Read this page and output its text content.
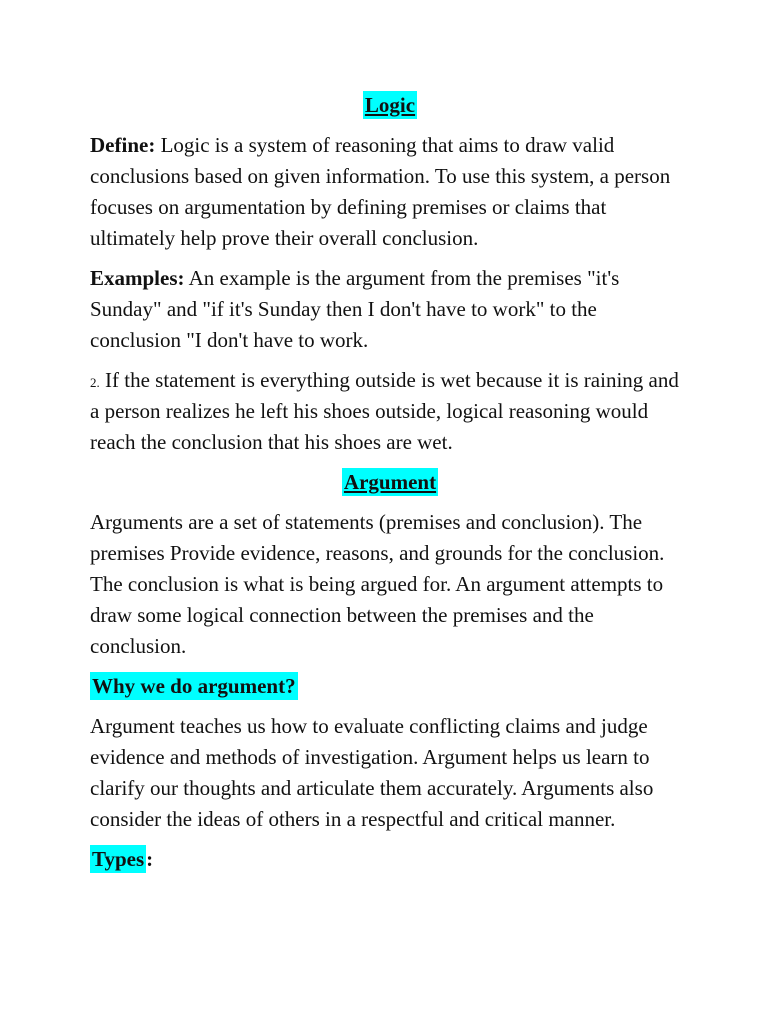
Logic

Define: Logic is a system of reasoning that aims to draw valid conclusions based on given information. To use this system, a person focuses on argumentation by defining premises or claims that ultimately help prove their overall conclusion.

Examples: An example is the argument from the premises "it's Sunday" and "if it's Sunday then I don't have to work" to the conclusion "I don't have to work.

2. If the statement is everything outside is wet because it is raining and a person realizes he left his shoes outside, logical reasoning would reach the conclusion that his shoes are wet.

Argument

Arguments are a set of statements (premises and conclusion). The premises Provide evidence, reasons, and grounds for the conclusion. The conclusion is what is being argued for. An argument attempts to draw some logical connection between the premises and the conclusion.

Why we do argument?

Argument teaches us how to evaluate conflicting claims and judge evidence and methods of investigation. Argument helps us learn to clarify our thoughts and articulate them accurately. Arguments also consider the ideas of others in a respectful and critical manner.

Types:
